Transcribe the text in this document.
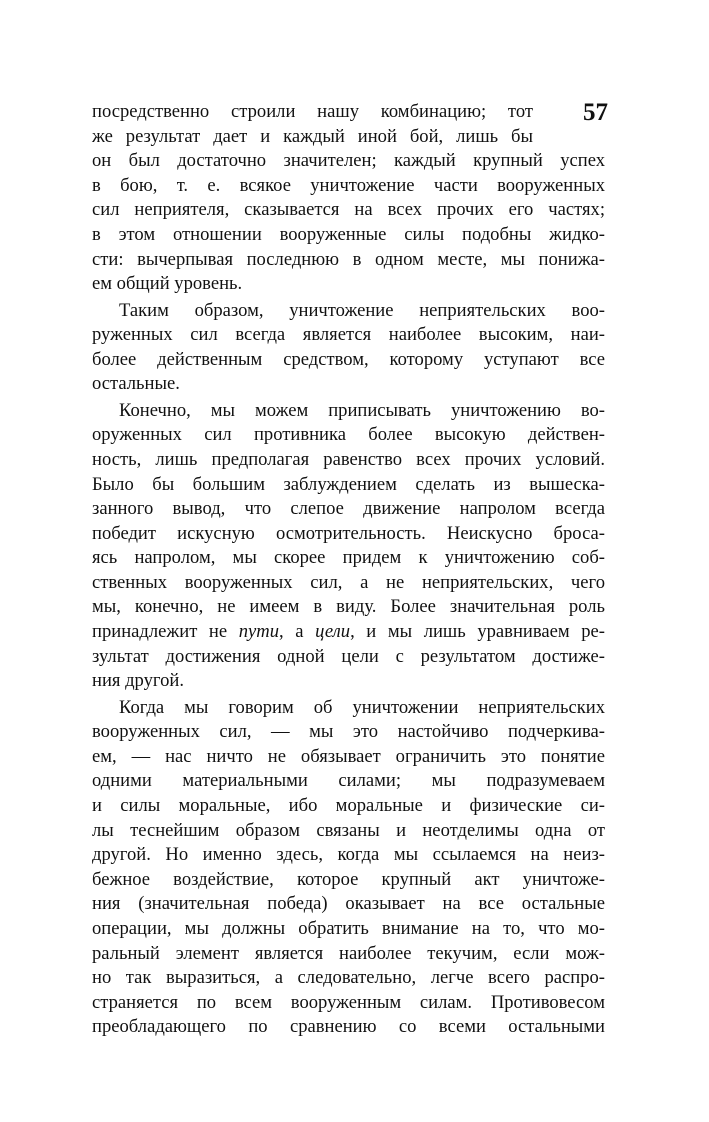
57
посредственно строили нашу комбинацию; тот
же результат дает и каждый иной бой, лишь бы
он был достаточно значителен; каждый крупный успех
в бою, т. е. всякое уничтожение части вооруженных
сил неприятеля, сказывается на всех прочих его частях;
в этом отношении вооруженные силы подобны жидко-
сти: вычерпывая последнюю в одном месте, мы понижа-
ем общий уровень.
Таким образом, уничтожение неприятельских воо-
руженных сил всегда является наиболее высоким, наи-
более действенным средством, которому уступают все
остальные.
Конечно, мы можем приписывать уничтожению во-
оруженных сил противника более высокую действен-
ность, лишь предполагая равенство всех прочих условий.
Было бы большим заблуждением сделать из вышеска-
занного вывод, что слепое движение напролом всегда
победит искусную осмотрительность. Неискусно броса-
ясь напролом, мы скорее придем к уничтожению соб-
ственных вооруженных сил, а не неприятельских, чего
мы, конечно, не имеем в виду. Более значительная роль
принадлежит не пути, а цели, и мы лишь уравниваем ре-
зультат достижения одной цели с результатом достиже-
ния другой.
Когда мы говорим об уничтожении неприятельских
вооруженных сил, — мы это настойчиво подчеркива-
ем, — нас ничто не обязывает ограничить это понятие
одними материальными силами; мы подразумеваем
и силы моральные, ибо моральные и физические си-
лы теснейшим образом связаны и неотделимы одна от
другой. Но именно здесь, когда мы ссылаемся на неиз-
бежное воздействие, которое крупный акт уничтоже-
ния (значительная победа) оказывает на все остальные
операции, мы должны обратить внимание на то, что мо-
ральный элемент является наиболее текучим, если мож-
но так выразиться, а следовательно, легче всего распро-
страняется по всем вооруженным силам. Противовесом
преобладающего по сравнению со всеми остальными
